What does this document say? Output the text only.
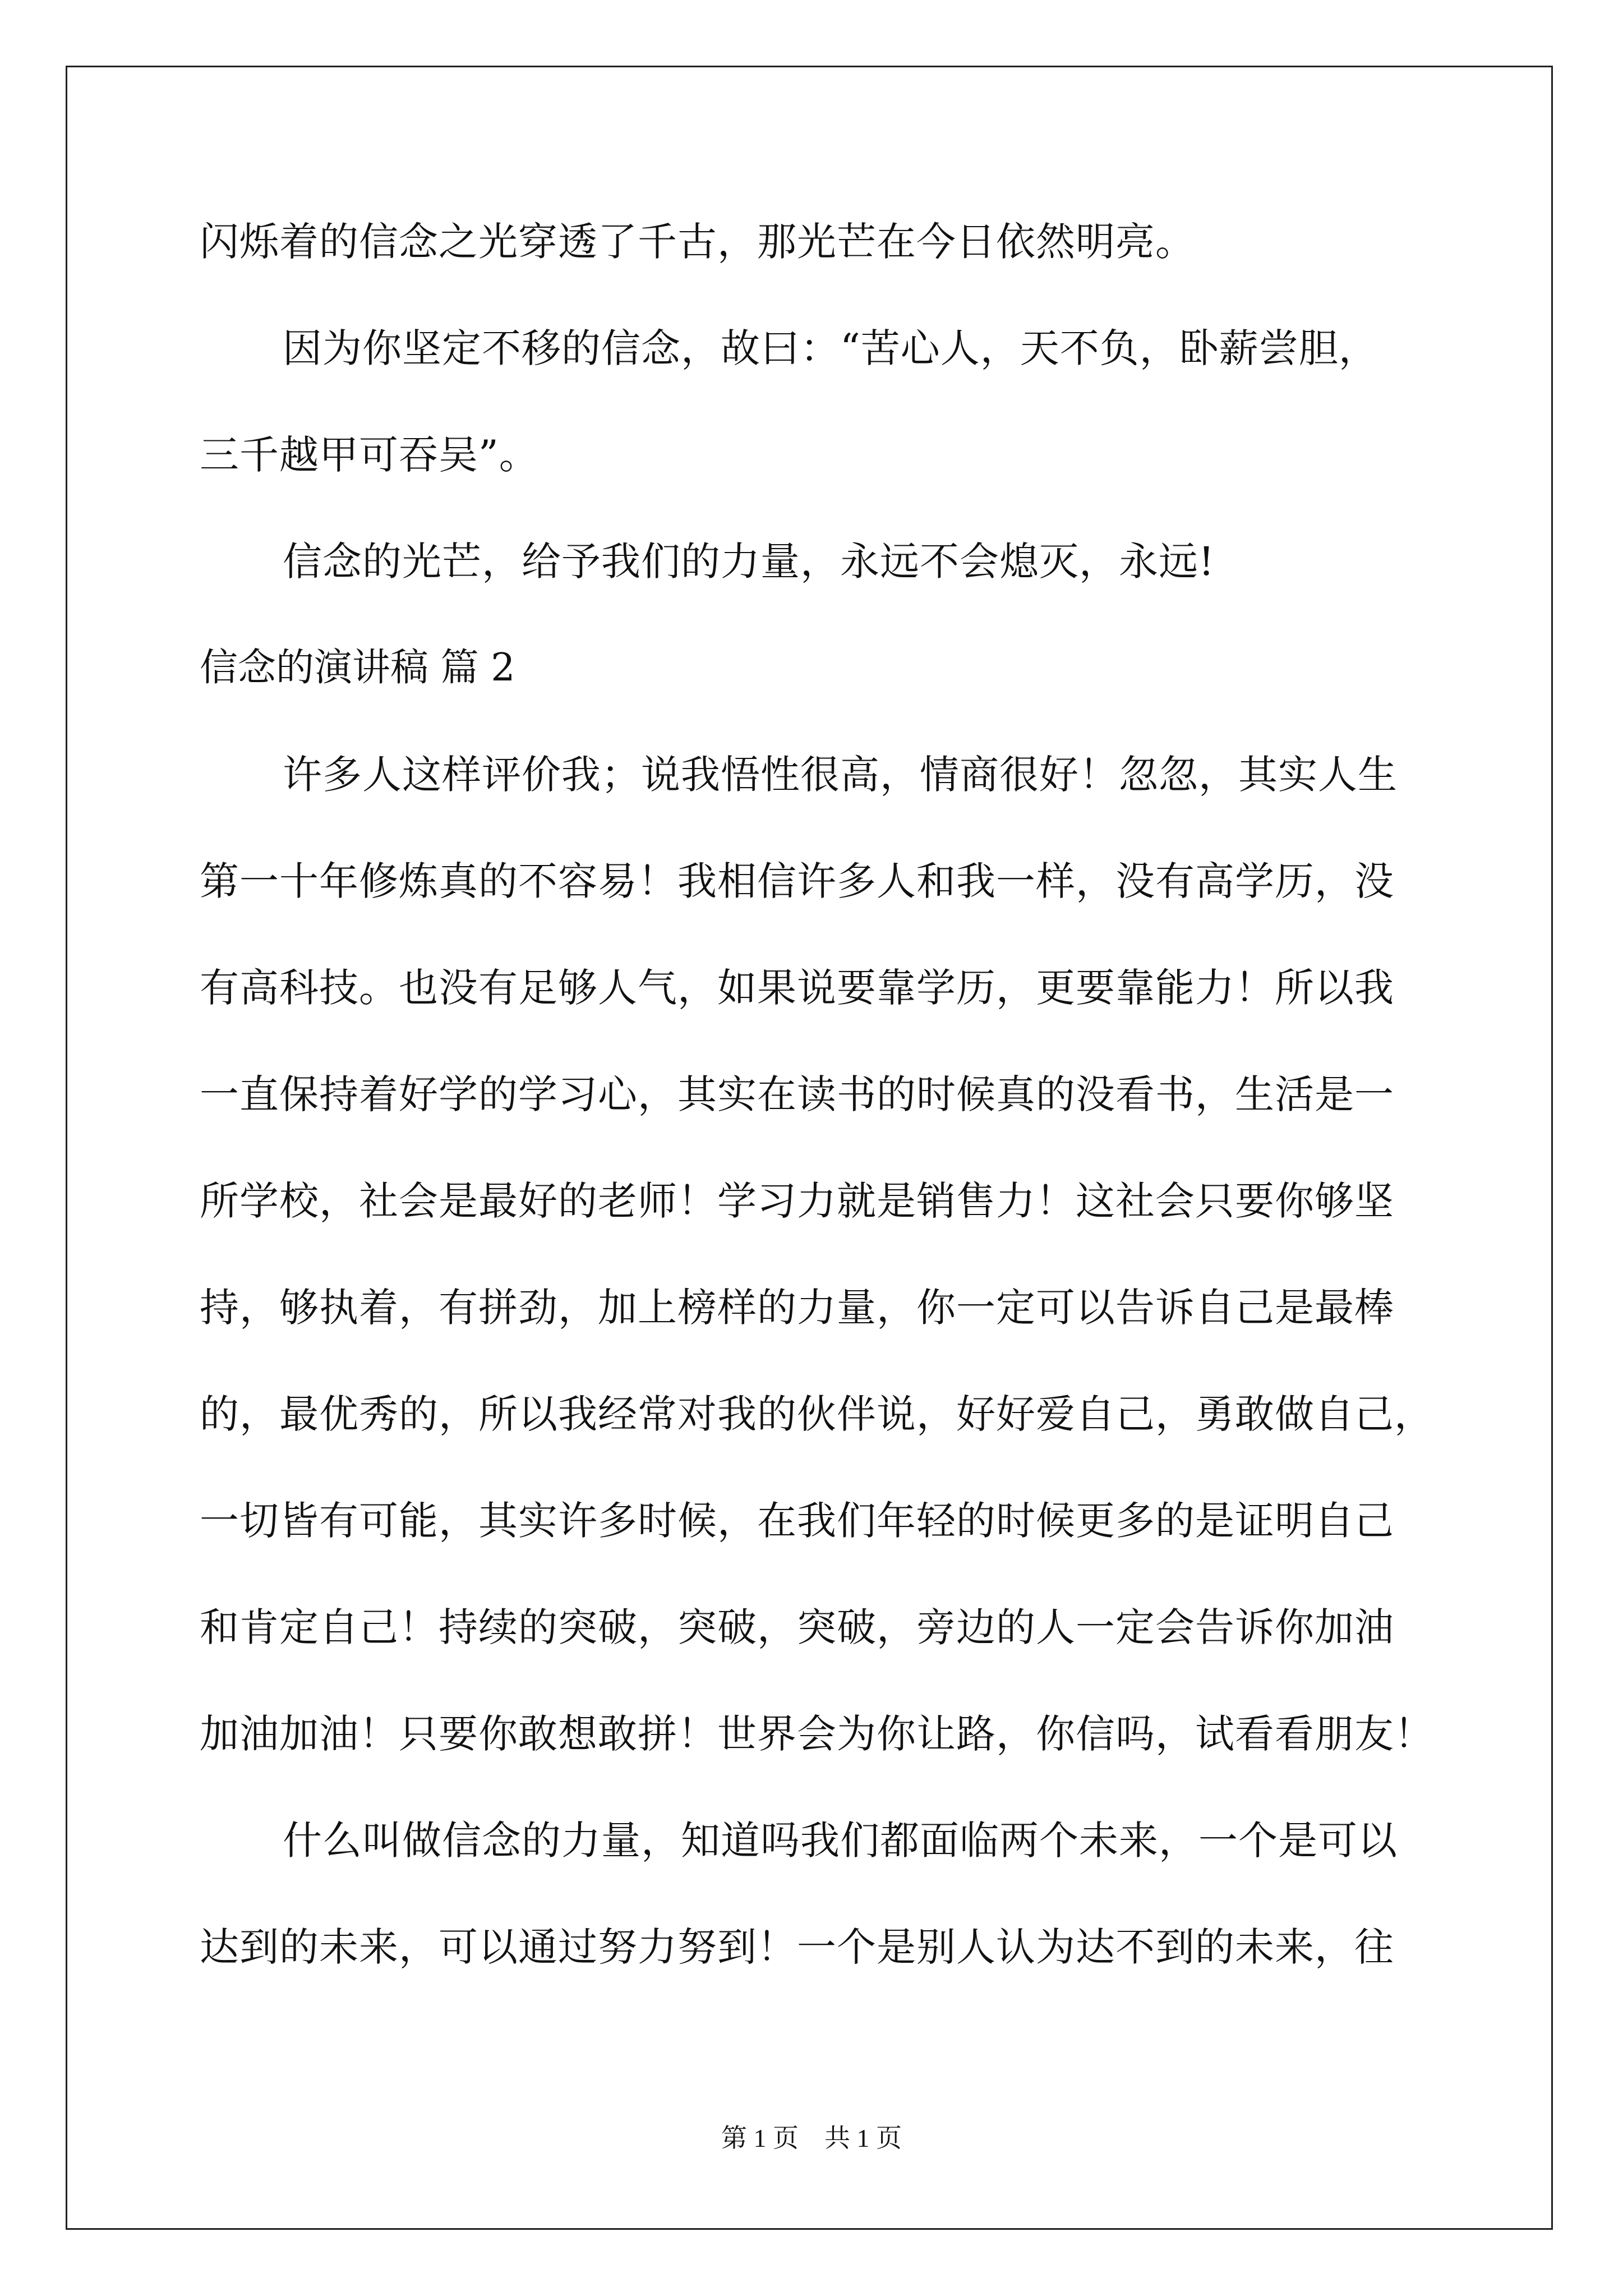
闪烁着的信念之光穿透了千古，那光芒在今日依然明亮。
因为你坚定不移的信念，故曰：“苦心人，天不负，卧薪尝胆，
三千越甲可吞吴”。
信念的光芒，给予我们的力量，永远不会熄灭，永远!
信念的演讲稿 篇 2
许多人这样评价我；说我悟性很高，情商很好！忽忽，其实人生
第一十年修炼真的不容易！我相信许多人和我一样，没有高学历，没
有高科技。也没有足够人气，如果说要靠学历，更要靠能力！所以我
一直保持着好学的学习心，其实在读书的时候真的没看书，生活是一
所学校，社会是最好的老师！学习力就是销售力！这社会只要你够坚
持，够执着，有拼劲，加上榜样的力量，你一定可以告诉自己是最棒
的，最优秀的，所以我经常对我的伙伴说，好好爱自己，勇敢做自己，
一切皆有可能，其实许多时候，在我们年轻的时候更多的是证明自己
和肯定自己！持续的突破，突破，突破，旁边的人一定会告诉你加油
加油加油！只要你敢想敢拼！世界会为你让路，你信吗，试看看朋友！
什么叫做信念的力量，知道吗我们都面临两个未来，一个是可以
达到的未来，可以通过努力努到！一个是别人认为达不到的未来，往
第 1 页 共 1 页
